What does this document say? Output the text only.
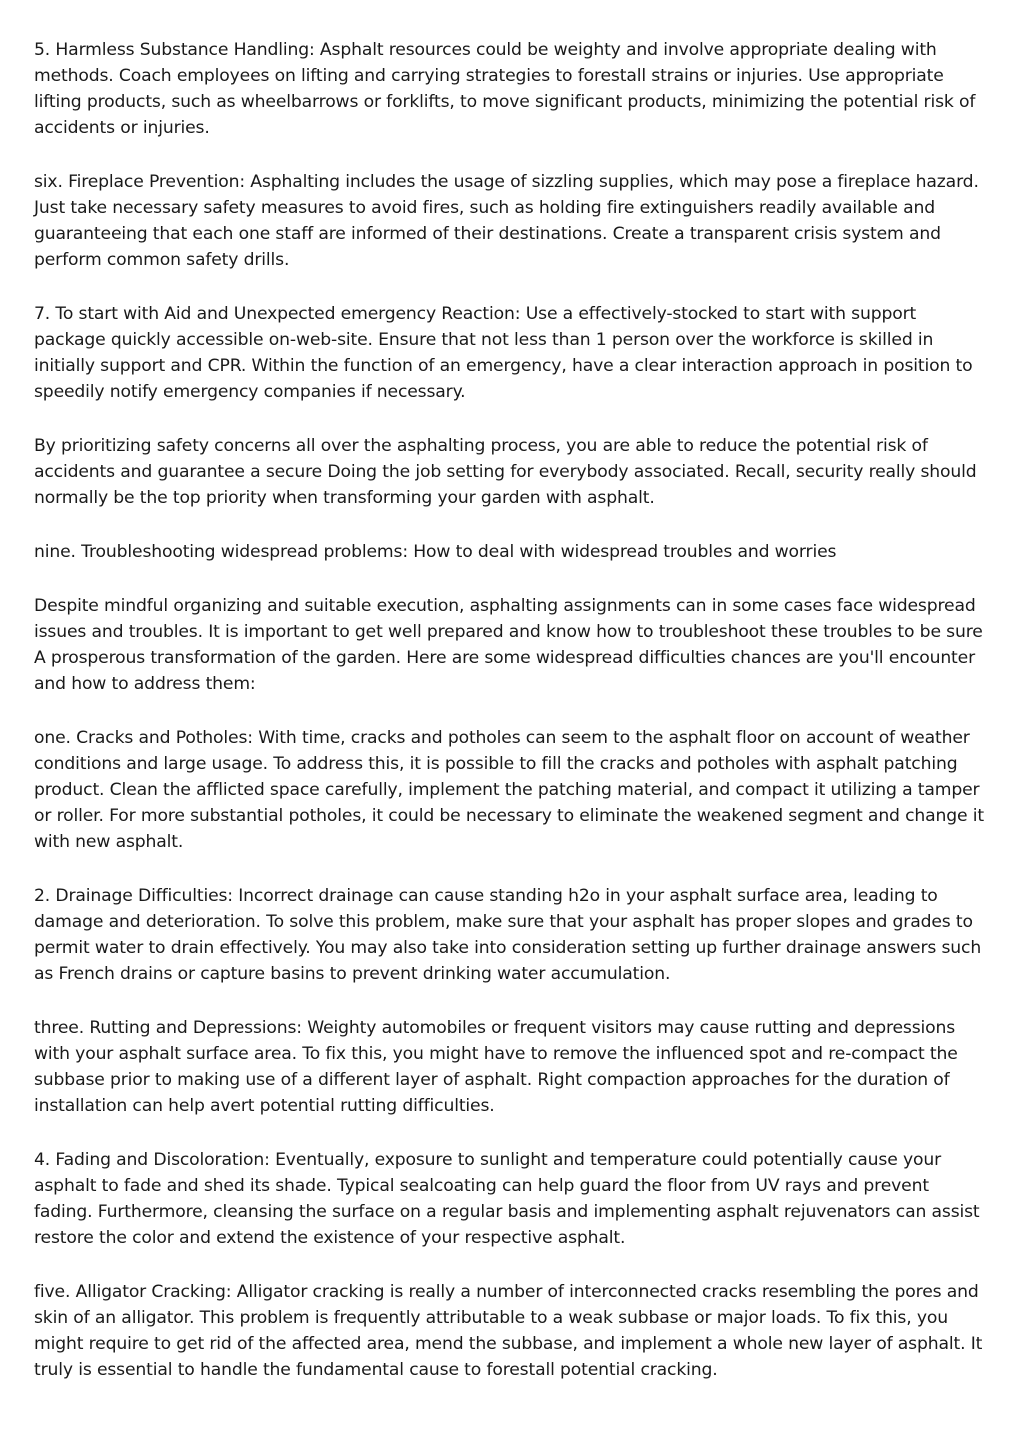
5. Harmless Substance Handling: Asphalt resources could be weighty and involve appropriate dealing with methods. Coach employees on lifting and carrying strategies to forestall strains or injuries. Use appropriate lifting products, such as wheelbarrows or forklifts, to move significant products, minimizing the potential risk of accidents or injuries.

six. Fireplace Prevention: Asphalting includes the usage of sizzling supplies, which may pose a fireplace hazard. Just take necessary safety measures to avoid fires, such as holding fire extinguishers readily available and guaranteeing that each one staff are informed of their destinations. Create a transparent crisis system and perform common safety drills.

7. To start with Aid and Unexpected emergency Reaction: Use a effectively-stocked to start with support package quickly accessible on-web-site. Ensure that not less than 1 person over the workforce is skilled in initially support and CPR. Within the function of an emergency, have a clear interaction approach in position to speedily notify emergency companies if necessary.

By prioritizing safety concerns all over the asphalting process, you are able to reduce the potential risk of accidents and guarantee a secure Doing the job setting for everybody associated. Recall, security really should normally be the top priority when transforming your garden with asphalt.

nine. Troubleshooting widespread problems: How to deal with widespread troubles and worries

Despite mindful organizing and suitable execution, asphalting assignments can in some cases face widespread issues and troubles. It is important to get well prepared and know how to troubleshoot these troubles to be sure A prosperous transformation of the garden. Here are some widespread difficulties chances are you'll encounter and how to address them:

one. Cracks and Potholes: With time, cracks and potholes can seem to the asphalt floor on account of weather conditions and large usage. To address this, it is possible to fill the cracks and potholes with asphalt patching product. Clean the afflicted space carefully, implement the patching material, and compact it utilizing a tamper or roller. For more substantial potholes, it could be necessary to eliminate the weakened segment and change it with new asphalt.

2. Drainage Difficulties: Incorrect drainage can cause standing h2o in your asphalt surface area, leading to damage and deterioration. To solve this problem, make sure that your asphalt has proper slopes and grades to permit water to drain effectively. You may also take into consideration setting up further drainage answers such as French drains or capture basins to prevent drinking water accumulation.

three. Rutting and Depressions: Weighty automobiles or frequent visitors may cause rutting and depressions with your asphalt surface area. To fix this, you might have to remove the influenced spot and re-compact the subbase prior to making use of a different layer of asphalt. Right compaction approaches for the duration of installation can help avert potential rutting difficulties.

4. Fading and Discoloration: Eventually, exposure to sunlight and temperature could potentially cause your asphalt to fade and shed its shade. Typical sealcoating can help guard the floor from UV rays and prevent fading. Furthermore, cleansing the surface on a regular basis and implementing asphalt rejuvenators can assist restore the color and extend the existence of your respective asphalt.

five. Alligator Cracking: Alligator cracking is really a number of interconnected cracks resembling the pores and skin of an alligator. This problem is frequently attributable to a weak subbase or major loads. To fix this, you might require to get rid of the affected area, mend the subbase, and implement a whole new layer of asphalt. It truly is essential to handle the fundamental cause to forestall potential cracking.
